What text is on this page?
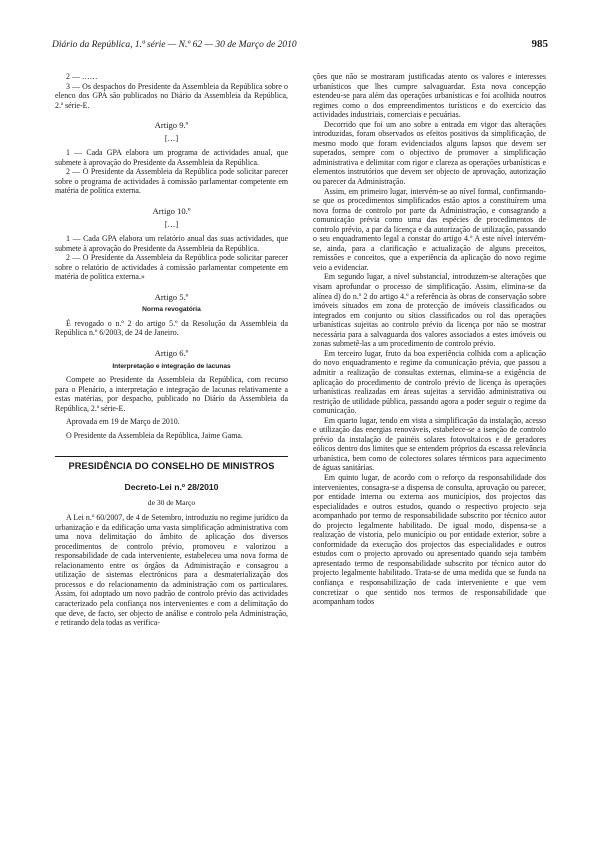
Diário da República, 1.ª série — N.º 62 — 30 de Março de 2010	985

2 — ……

3 — Os despachos do Presidente da Assembleia da República sobre o elenco dos GPA são publicados no Diário da Assembleia da República, 2.ª série-E.

Artigo 9.º
[…]

1 — Cada GPA elabora um programa de actividades anual, que submete à aprovação do Presidente da Assembleia da República.

2 — O Presidente da Assembleia da República pode solicitar parecer sobre o programa de actividades à comissão parlamentar competente em matéria de política externa.

Artigo 10.º
[…]

1 — Cada GPA elabora um relatório anual das suas actividades, que submete à aprovação do Presidente da Assembleia da República.

2 — O Presidente da Assembleia da República pode solicitar parecer sobre o relatório de actividades à comissão parlamentar competente em matéria de política externa.»

Artigo 5.º
Norma revogatória

É revogado o n.º 2 do artigo 5.º da Resolução da Assembleia da República n.º 6/2003, de 24 de Janeiro.

Artigo 6.º
Interpretação e integração de lacunas

Compete ao Presidente da Assembleia da República, com recurso para o Plenário, a interpretação e integração de lacunas relativamente a estas matérias, por despacho, publicado no Diário da Assembleia da República, 2.ª série-E.

Aprovada em 19 de Março de 2010.

O Presidente da Assembleia da República, Jaime Gama.

PRESIDÊNCIA DO CONSELHO DE MINISTROS
Decreto-Lei n.º 28/2010
de 30 de Março

A Lei n.º 60/2007, de 4 de Setembro, introduziu no regime jurídico da urbanização e da edificação uma vasta simplificação administrativa com uma nova delimitação do âmbito de aplicação dos diversos procedimentos de controlo prévio, promoveu e valorizou a responsabilidade de cada interveniente, estabeleceu uma nova forma de relacionamento entre os órgãos da Administração e consagrou a utilização de sistemas electrónicos para a desmaterialização dos processos e do relacionamento da administração com os particulares. Assim, foi adoptado um novo padrão de controlo prévio das actividades caracterizado pela confiança nos intervenientes e com a delimitação do que deve, de facto, ser objecto de análise e controlo pela Administração, e retirando dela todas as verifica-

ções que não se mostraram justificadas atento os valores e interesses urbanísticos que lhes cumpre salvaguardar. Esta nova concepção estendeu-se para além das operações urbanísticas e foi acolhida noutros regimes como o dos empreendimentos turísticos e do exercício das actividades industriais, comerciais e pecuárias.

Decorrido que foi um ano sobre a entrada em vigor das alterações introduzidas, foram observados os efeitos positivos da simplificação, de mesmo modo que foram evidenciados alguns lapsos que devem ser superados, sempre com o objectivo de promover a simplificação administrativa e delimitar com rigor e clareza as operações urbanísticas e elementos instrutórios que devem ser objecto de aprovação, autorização ou parecer da Administração.

Assim, em primeiro lugar, intervém-se ao nível formal, confirmando-se que os procedimentos simplificados estão aptos a constituírem uma nova forma de controlo por parte da Administração, e consagrando a comunicação prévia como uma das espécies de procedimentos de controlo prévio, a par da licença e da autorização de utilização, passando o seu enquadramento legal a constar do artigo 4.º A este nível intervém-se, ainda, para a clarificação e actualização de alguns preceitos, remissões e conceitos, que a experiência da aplicação do novo regime veio a evidenciar.

Em segundo lugar, a nível substancial, introduzem-se alterações que visam aprofundar o processo de simplificação. Assim, elimina-se da alínea d) do n.º 2 do artigo 4.º a referência às obras de conservação sobre imóveis situados em zona de protecção de imóveis classificados ou integrados em conjunto ou sítios classificados ou rol das operações urbanísticas sujeitas ao controlo prévio da licença por não se mostrar necessária para a salvaguarda dos valores associados a estes imóveis ou zonas submetê-las a um procedimento de controlo prévio.

Em terceiro lugar, fruto da boa experiência colhida com a aplicação do novo enquadramento e regime da comunicação prévia, que passou a admitir a realização de consultas externas, elimina-se a exigência de aplicação do procedimento de controlo prévio de licença às operações urbanísticas realizadas em áreas sujeitas a servidão administrativa ou restrição de utilidade pública, passando agora a poder seguir o regime da comunicação.

Em quarto lugar, tendo em vista a simplificação da instalação, acesso e utilização das energias renováveis, estabelece-se a isenção de controlo prévio da instalação de painéis solares fotovoltaicos e de geradores eólicos dentro dos limites que se entendem próprios da escassa relevância urbanística, bem como de colectores solares térmicos para aquecimento de águas sanitárias.

Em quinto lugar, de acordo com o reforço da responsabilidade dos intervenientes, consagra-se a dispensa de consulta, aprovação ou parecer, por entidade interna ou externa aos municípios, dos projectos das especialidades e outros estudos, quando o respectivo projecto seja acompanhado por termo de responsabilidade subscrito por técnico autor do projecto legalmente habilitado. De igual modo, dispensa-se a realização de vistoria, pelo município ou por entidade exterior, sobre a conformidade da execução dos projectos das especialidades e outros estudos com o projecto aprovado ou apresentado quando seja também apresentado termo de responsabilidade subscrito por técnico autor do projecto legalmente habilitado. Trata-se de uma medida que se funda na confiança e responsabilização de cada interveniente e que vem concretizar o que sentido nos termos de responsabilidade que acompanham todos
